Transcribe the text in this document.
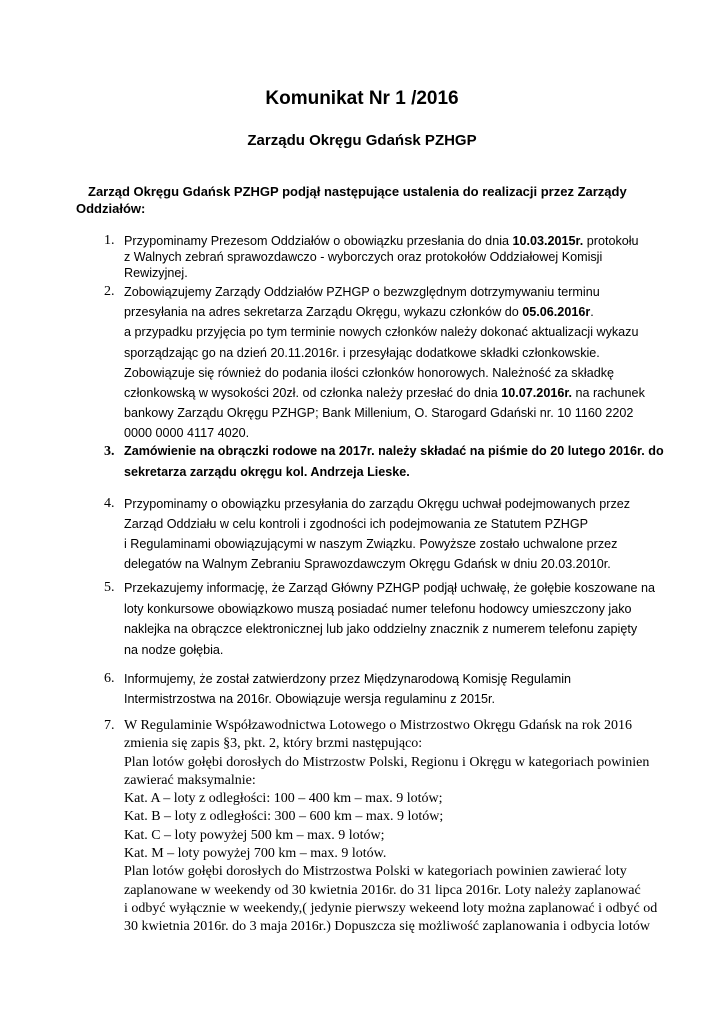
Komunikat Nr 1 /2016
Zarządu Okręgu Gdańsk PZHGP
Zarząd Okręgu Gdańsk PZHGP podjął następujące ustalenia do realizacji przez Zarządy
Oddziałów:
1. Przypominamy Prezesom Oddziałów o obowiązku przesłania do dnia 10.03.2015r. protokołu
z Walnych zebrań sprawozdawczo - wyborczych oraz protokołów Oddziałowej Komisji
Rewizyjnej.
2. Zobowiązujemy Zarządy Oddziałów PZHGP o bezwzględnym dotrzymywaniu terminu
przesyłania na adres sekretarza Zarządu Okręgu, wykazu członków do 05.06.2016r.
a przypadku przyjęcia po tym terminie nowych członków należy dokonać aktualizacji wykazu
sporządzając go na dzień 20.11.2016r. i przesyłając dodatkowe składki członkowskie.
Zobowiązuje się również do podania ilości członków honorowych. Należność za składkę
członkowską w wysokości 20zł. od członka należy przesłać do dnia 10.07.2016r. na rachunek
bankowy Zarządu Okręgu PZHGP; Bank Millenium, O. Starogard Gdański nr. 10 1160 2202
0000 0000 4117 4020.
3. Zamówienie na obrączki rodowe na 2017r. należy składać na piśmie do 20 lutego 2016r. do
sekretarza zarządu okręgu kol. Andrzeja Lieske.
4. Przypominamy o obowiązku przesyłania do zarządu Okręgu uchwał podejmowanych przez
Zarząd Oddziału w celu kontroli i zgodności ich podejmowania ze Statutem PZHGP
i Regulaminami obowiązującymi w naszym Związku. Powyższe zostało uchwalone przez
delegatów na Walnym Zebraniu Sprawozdawczym Okręgu Gdańsk w dniu 20.03.2010r.
5. Przekazujemy informację, że Zarząd Główny PZHGP podjął uchwałę, że gołębie koszowane na
loty konkursowe obowiązkowo muszą posiadać numer telefonu hodowcy umieszczony jako
naklejka na obrączce elektronicznej lub jako oddzielny znacznik z numerem telefonu zapięty
na nodze gołębia.
6. Informujemy, że został zatwierdzony przez Międzynarodową Komisję Regulamin
Intermistrzostwa na 2016r. Obowiązuje wersja regulaminu z 2015r.
7. W Regulaminie Współzawodnictwa Lotowego o Mistrzostwo Okręgu Gdańsk na rok 2016
zmienia się zapis §3, pkt. 2, który brzmi następująco:
Plan lotów gołębi dorosłych do Mistrzostw Polski, Regionu i Okręgu w kategoriach powinien
zawierać maksymalnie:
Kat. A – loty z odległości: 100 – 400 km – max. 9 lotów;
Kat. B – loty z odległości: 300 – 600 km – max. 9 lotów;
Kat. C – loty powyżej 500 km – max. 9 lotów;
Kat. M – loty powyżej 700 km – max. 9 lotów.
Plan lotów gołębi dorosłych do Mistrzostwa Polski w kategoriach powinien zawierać loty
zaplanowane w weekendy od 30 kwietnia 2016r. do 31 lipca 2016r. Loty należy zaplanować
i odbyć wyłącznie w weekendy,( jedynie pierwszy wekeend loty można zaplanować i odbyć od
30 kwietnia 2016r. do 3 maja 2016r.) Dopuszcza się możliwość zaplanowania i odbycia lotów
